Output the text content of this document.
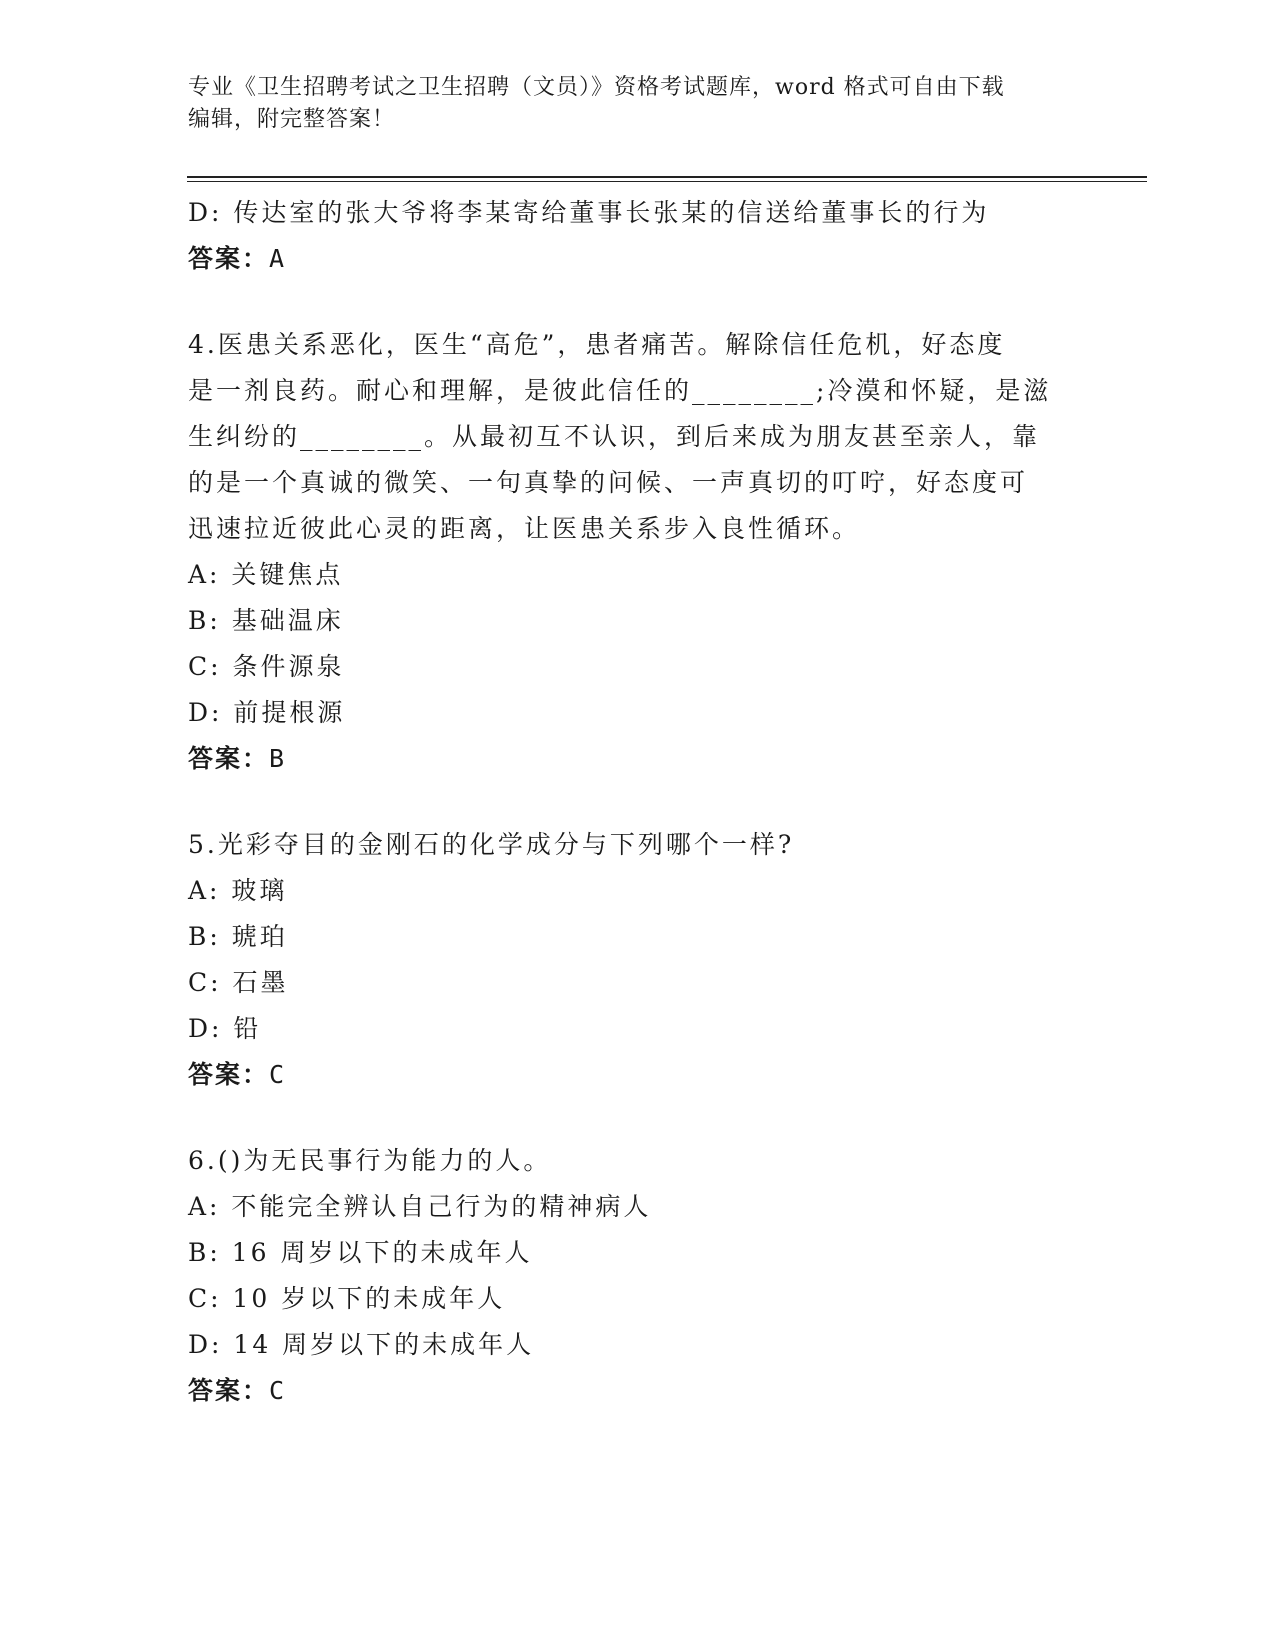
专业《卫生招聘考试之卫生招聘（文员）》资格考试题库，word 格式可自由下载
编辑，附完整答案！
D: 传达室的张大爷将李某寄给董事长张某的信送给董事长的行为
答案：A
4.医患关系恶化，医生“高危”，患者痛苦。解除信任危机，好态度
是一剂良药。耐心和理解，是彼此信任的________;冷漠和怀疑，是滋
生纠纷的________。从最初互不认识，到后来成为朋友甚至亲人，靠
的是一个真诚的微笑、一句真挚的问候、一声真切的叮咛，好态度可
迅速拉近彼此心灵的距离，让医患关系步入良性循环。
A: 关键焦点
B: 基础温床
C: 条件源泉
D: 前提根源
答案：B
5.光彩夺目的金刚石的化学成分与下列哪个一样?
A: 玻璃
B: 琥珀
C: 石墨
D: 铅
答案：C
6.()为无民事行为能力的人。
A: 不能完全辨认自己行为的精神病人
B: 16 周岁以下的未成年人
C: 10 岁以下的未成年人
D: 14 周岁以下的未成年人
答案：C
